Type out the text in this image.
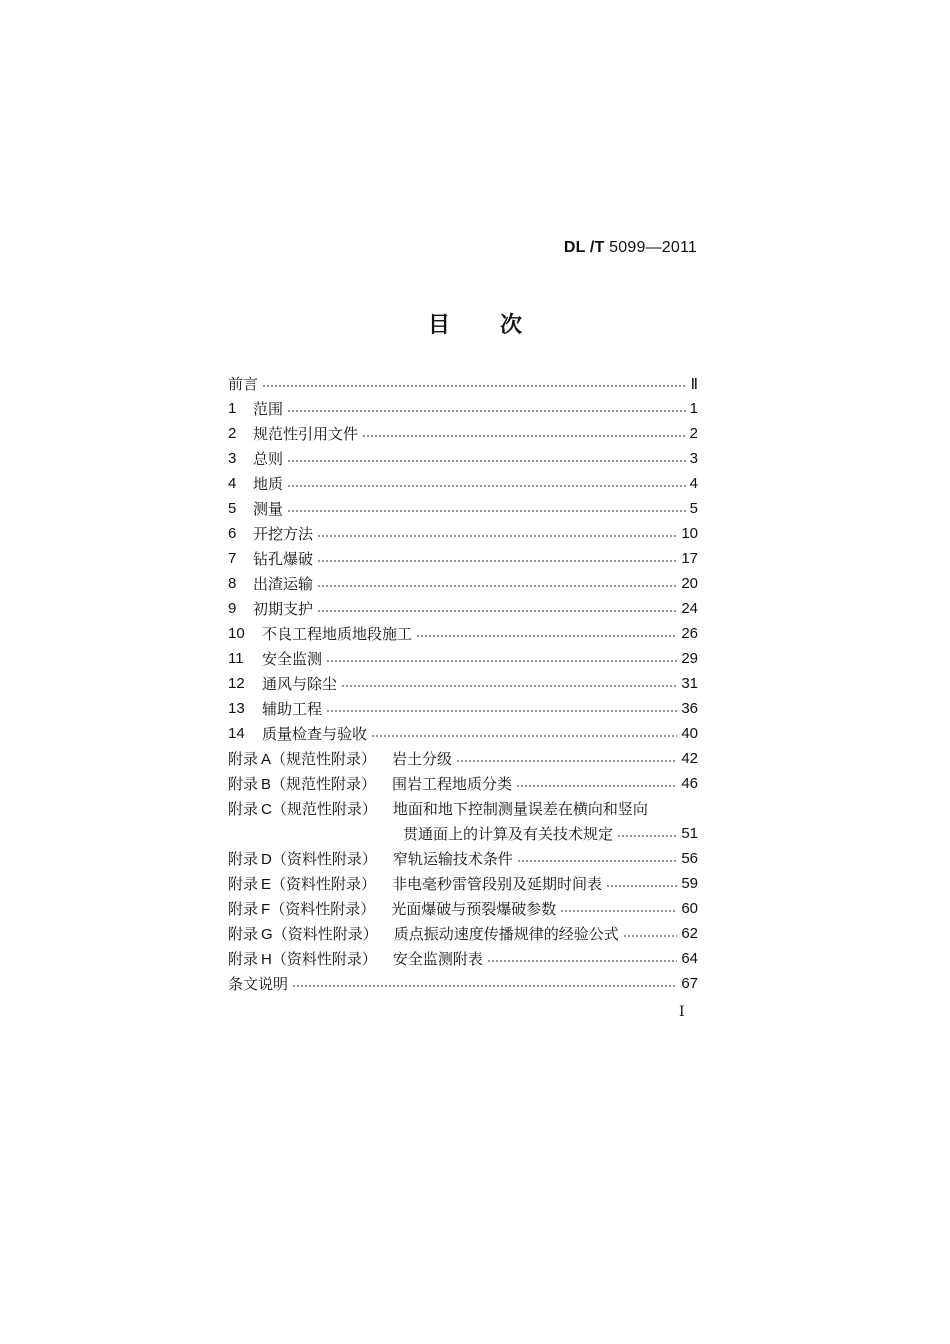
DL /T 5099—2011
目 次
前言	Ⅱ
1	范围	1
2	规范性引用文件	2
3	总则	3
4	地质	4
5	测量	5
6	开挖方法	10
7	钻孔爆破	17
8	出渣运输	20
9	初期支护	24
10	不良工程地质地段施工	26
11	安全监测	29
12	通风与除尘	31
13	辅助工程	36
14	质量检查与验收	40
附录 A（规范性附录） 岩土分级	42
附录 B（规范性附录） 围岩工程地质分类	46
附录 C（规范性附录） 地面和地下控制测量误差在横向和竖向
贯通面上的计算及有关技术规定	51
附录 D（资料性附录） 窄轨运输技术条件	56
附录 E（资料性附录） 非电毫秒雷管段别及延期时间表	59
附录 F（资料性附录） 光面爆破与预裂爆破参数	60
附录 G（资料性附录） 质点振动速度传播规律的经验公式	62
附录 H（资料性附录） 安全监测附表	64
条文说明	67
I
